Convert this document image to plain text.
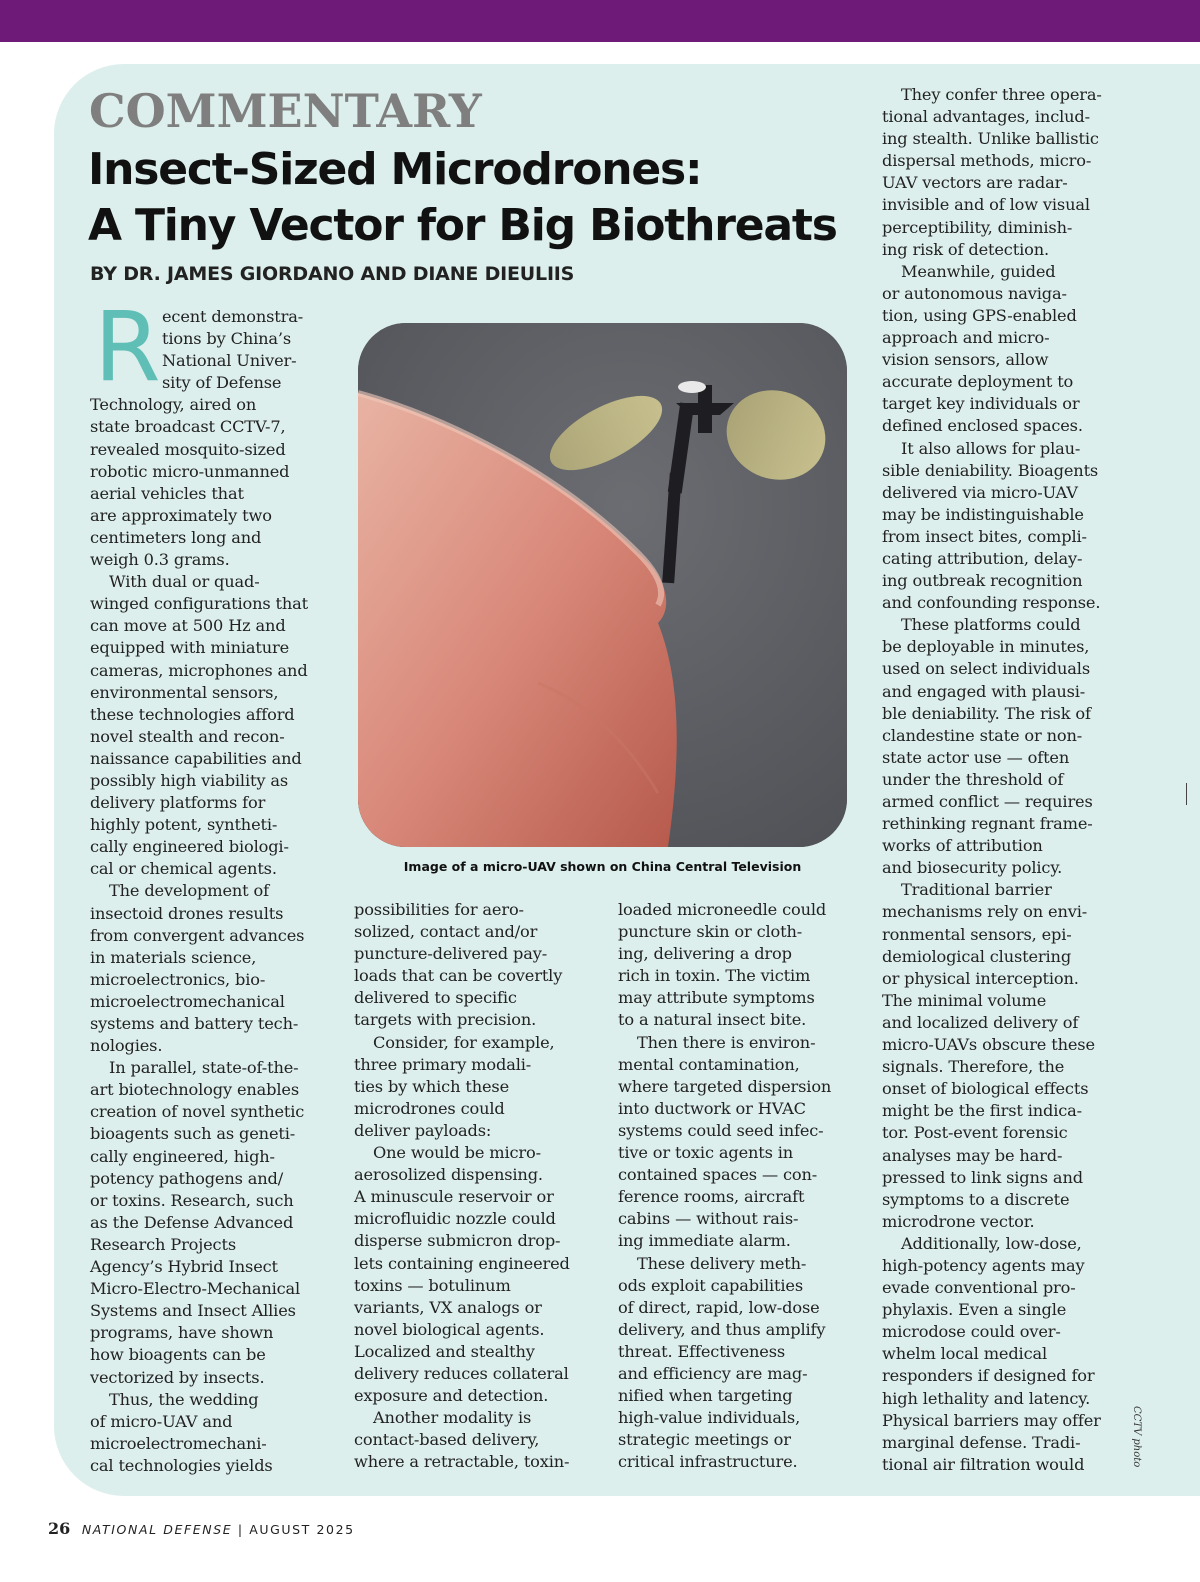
COMMENTARY
Insect-Sized Microdrones:
A Tiny Vector for Big Biothreats
BY DR. JAMES GIORDANO AND DIANE DIEULIIS
R ecent demonstra-
tions by China’s
National Univer-
sity of Defense
Technology, aired on
state broadcast CCTV-7,
revealed mosquito-sized
robotic micro-unmanned
aerial vehicles that
are approximately two
centimeters long and
weigh 0.3 grams.
With dual or quad-
winged configurations that
can move at 500 Hz and
equipped with miniature
cameras, microphones and
environmental sensors,
these technologies afford
novel stealth and recon-
naissance capabilities and
possibly high viability as
delivery platforms for
highly potent, syntheti-
cally engineered biologi-
cal or chemical agents.
The development of
insectoid drones results
from convergent advances
in materials science,
microelectronics, bio-
microelectromechanical
systems and battery tech-
nologies.
In parallel, state-of-the-
art biotechnology enables
creation of novel synthetic
bioagents such as geneti-
cally engineered, high-
potency pathogens and/
or toxins. Research, such
as the Defense Advanced
Research Projects
Agency’s Hybrid Insect
Micro-Electro-Mechanical
Systems and Insect Allies
programs, have shown
how bioagents can be
vectorized by insects.
Thus, the wedding
of micro-UAV and
microelectromechani-
cal technologies yields
Image of a micro-UAV shown on China Central Television
possibilities for aero-
solized, contact and/or
puncture-delivered pay-
loads that can be covertly
delivered to specific
targets with precision.
Consider, for example,
three primary modali-
ties by which these
microdrones could
deliver payloads:
One would be micro-
aerosolized dispensing.
A minuscule reservoir or
microfluidic nozzle could
disperse submicron drop-
lets containing engineered
toxins — botulinum
variants, VX analogs or
novel biological agents.
Localized and stealthy
delivery reduces collateral
exposure and detection.
Another modality is
contact-based delivery,
where a retractable, toxin-
loaded microneedle could
puncture skin or cloth-
ing, delivering a drop
rich in toxin. The victim
may attribute symptoms
to a natural insect bite.
Then there is environ-
mental contamination,
where targeted dispersion
into ductwork or HVAC
systems could seed infec-
tive or toxic agents in
contained spaces — con-
ference rooms, aircraft
cabins — without rais-
ing immediate alarm.
These delivery meth-
ods exploit capabilities
of direct, rapid, low-dose
delivery, and thus amplify
threat. Effectiveness
and efficiency are mag-
nified when targeting
high-value individuals,
strategic meetings or
critical infrastructure.
They confer three opera-
tional advantages, includ-
ing stealth. Unlike ballistic
dispersal methods, micro-
UAV vectors are radar-
invisible and of low visual
perceptibility, diminish-
ing risk of detection.
Meanwhile, guided
or autonomous naviga-
tion, using GPS-enabled
approach and micro-
vision sensors, allow
accurate deployment to
target key individuals or
defined enclosed spaces.
It also allows for plau-
sible deniability. Bioagents
delivered via micro-UAV
may be indistinguishable
from insect bites, compli-
cating attribution, delay-
ing outbreak recognition
and confounding response.
These platforms could
be deployable in minutes,
used on select individuals
and engaged with plausi-
ble deniability. The risk of
clandestine state or non-
state actor use — often
under the threshold of
armed conflict — requires
rethinking regnant frame-
works of attribution
and biosecurity policy.
Traditional barrier
mechanisms rely on envi-
ronmental sensors, epi-
demiological clustering
or physical interception.
The minimal volume
and localized delivery of
micro-UAVs obscure these
signals. Therefore, the
onset of biological effects
might be the first indica-
tor. Post-event forensic
analyses may be hard-
pressed to link signs and
symptoms to a discrete
microdrone vector.
Additionally, low-dose,
high-potency agents may
evade conventional pro-
phylaxis. Even a single
microdose could over-
whelm local medical
responders if designed for
high lethality and latency.
Physical barriers may offer
marginal defense. Tradi-
tional air filtration would	CCTV photo
26 NATIONAL DEFENSE | AUGUST 2025
